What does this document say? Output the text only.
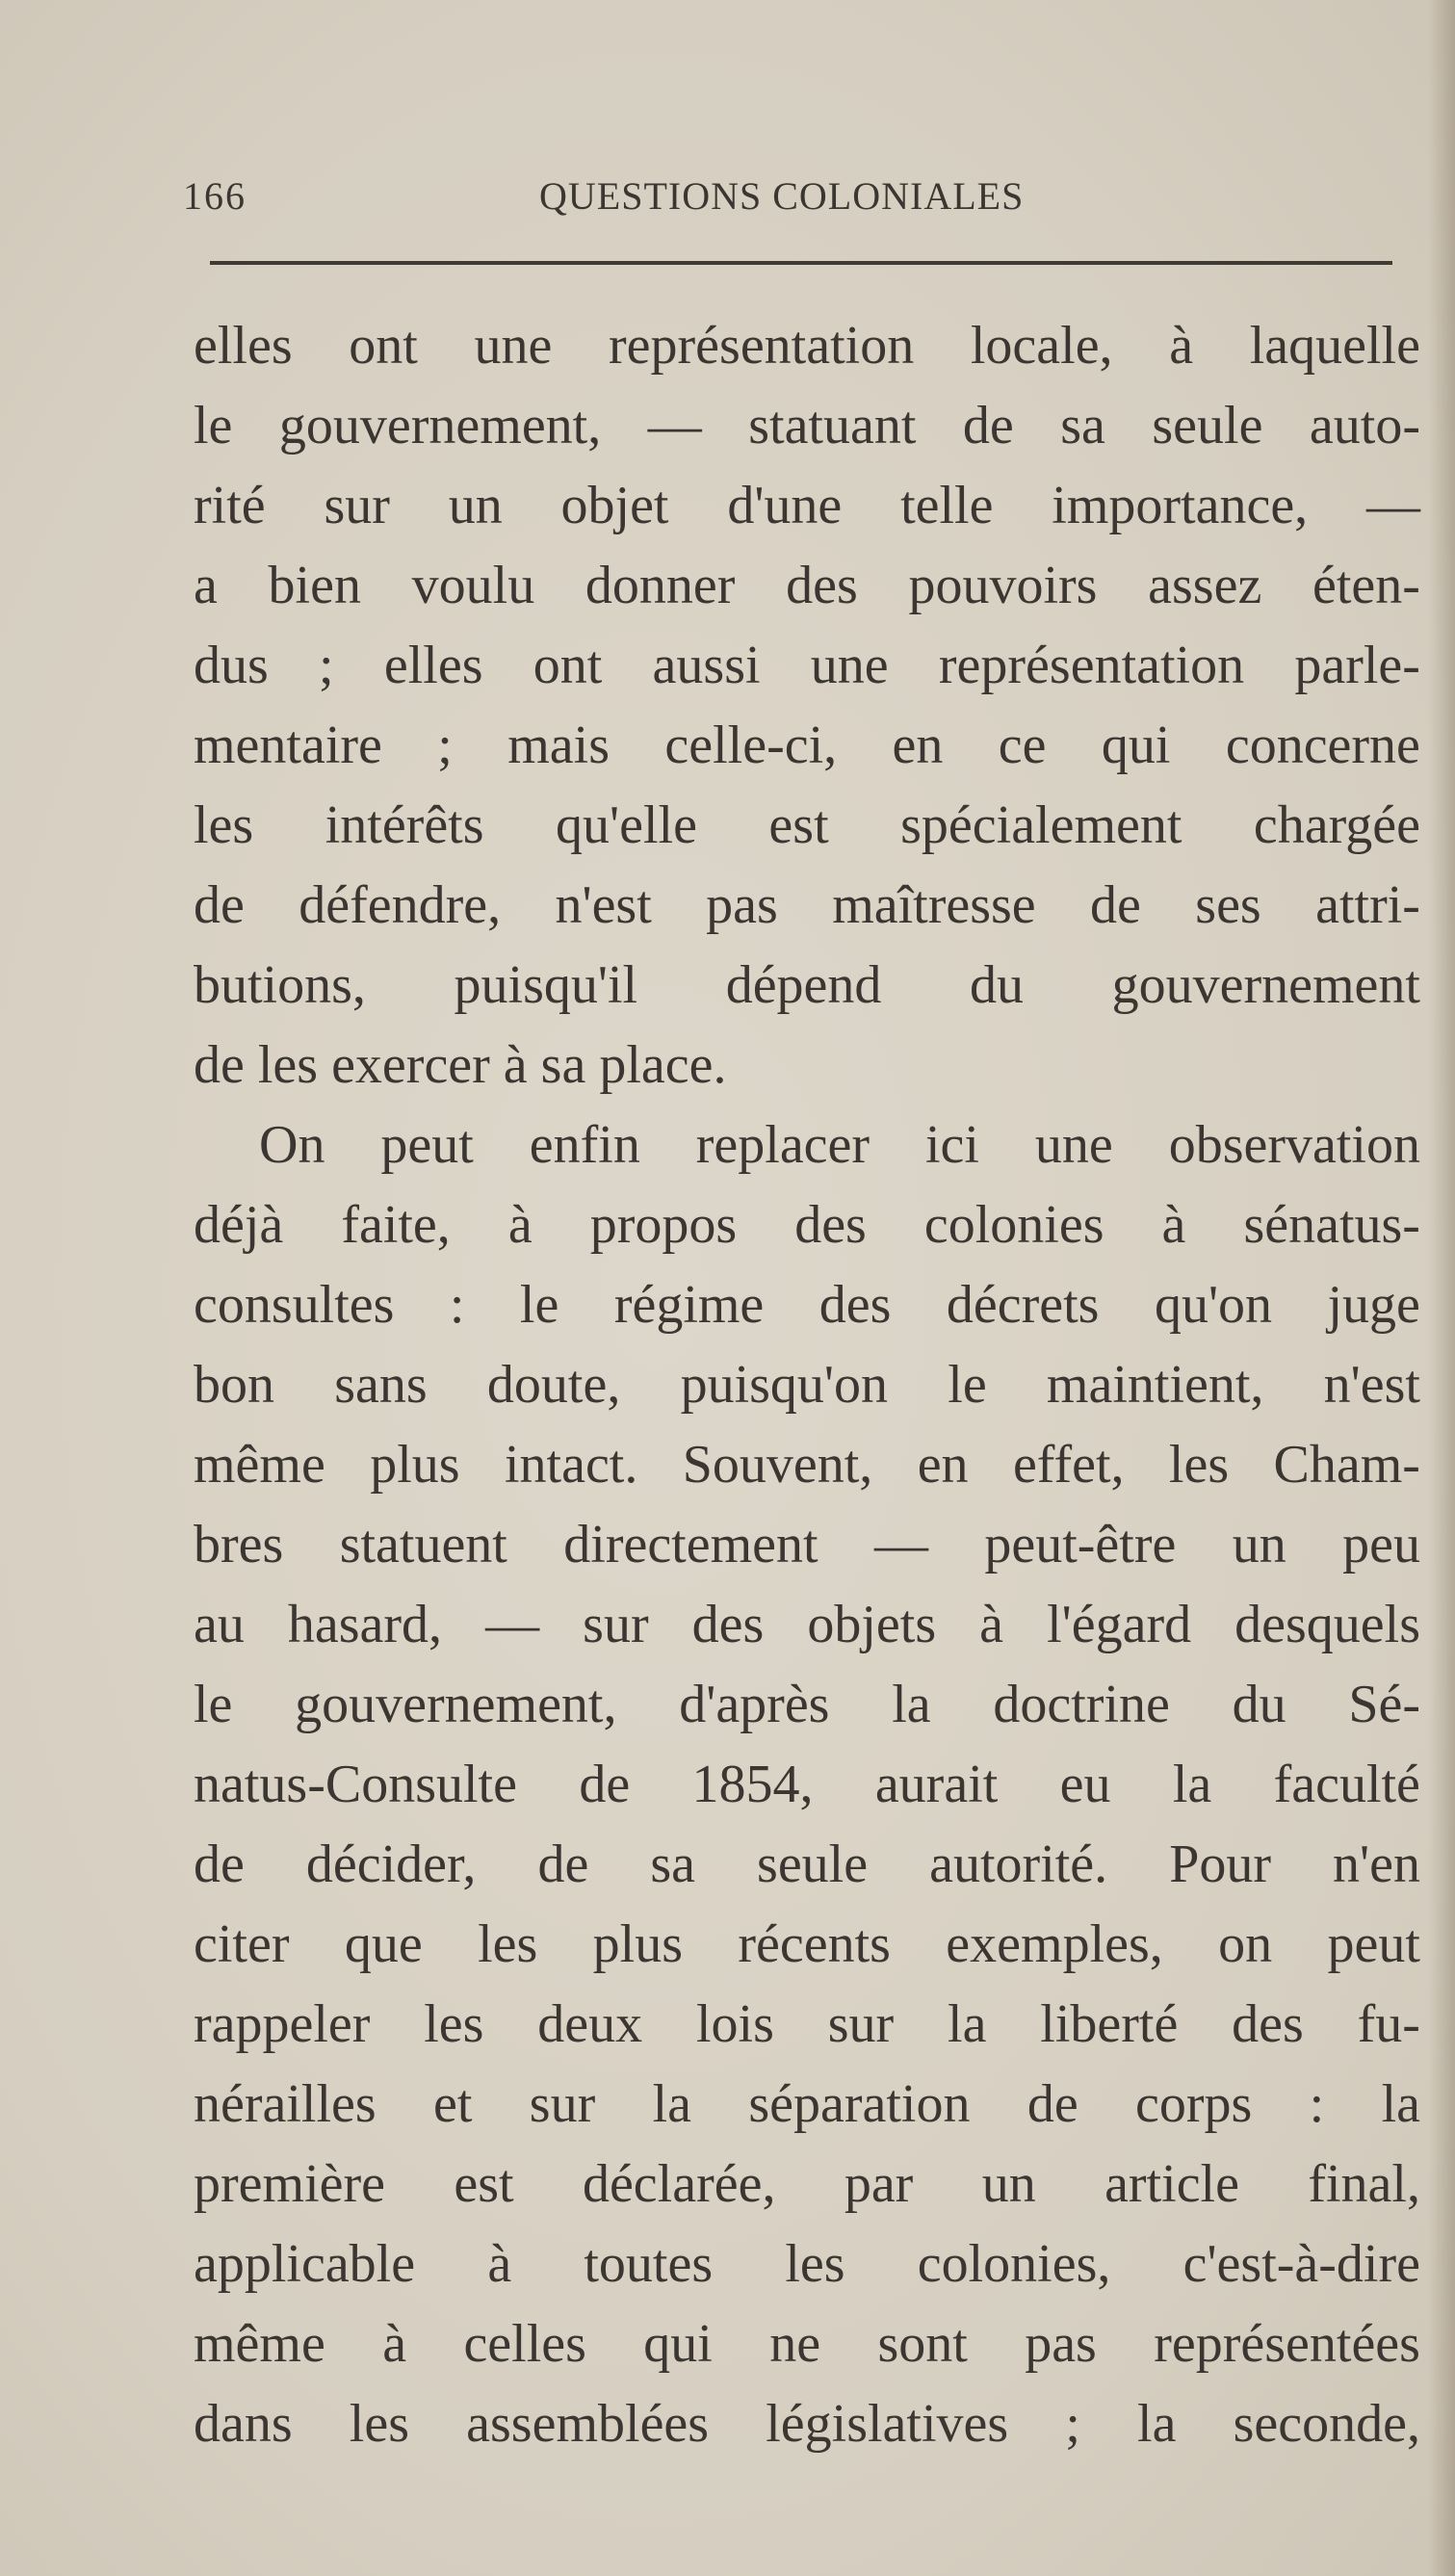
166	QUESTIONS COLONIALES
elles ont une représentation locale, à laquelle
le gouvernement, — statuant de sa seule auto-
rité sur un objet d'une telle importance, —
a bien voulu donner des pouvoirs assez éten-
dus ; elles ont aussi une représentation parle-
mentaire ; mais celle-ci, en ce qui concerne
les intérêts qu'elle est spécialement chargée
de défendre, n'est pas maîtresse de ses attri-
butions, puisqu'il dépend du gouvernement
de les exercer à sa place.
On peut enfin replacer ici une observation
déjà faite, à propos des colonies à sénatus-
consultes : le régime des décrets qu'on juge
bon sans doute, puisqu'on le maintient, n'est
même plus intact. Souvent, en effet, les Cham-
bres statuent directement — peut-être un peu
au hasard, — sur des objets à l'égard desquels
le gouvernement, d'après la doctrine du Sé-
natus-Consulte de 1854, aurait eu la faculté
de décider, de sa seule autorité. Pour n'en
citer que les plus récents exemples, on peut
rappeler les deux lois sur la liberté des fu-
nérailles et sur la séparation de corps : la
première est déclarée, par un article final,
applicable à toutes les colonies, c'est-à-dire
même à celles qui ne sont pas représentées
dans les assemblées législatives ; la seconde,
